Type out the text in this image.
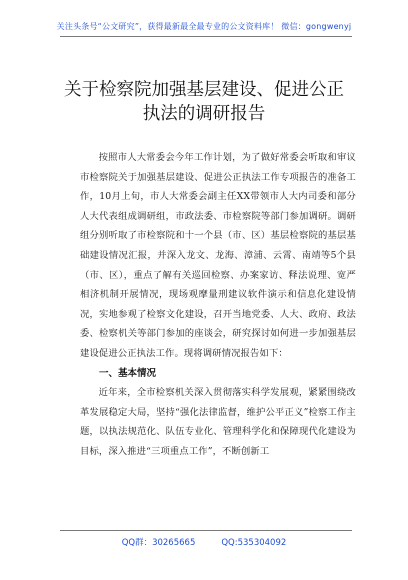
关注头条号“公文研究”，获得最新最全最专业的公文资料库！ 微信：gongwenyj
关于检察院加强基层建设、促进公正执法的调研报告

按照市人大常委会今年工作计划，为了做好常委会听取和审议市检察院关于加强基层建设、促进公正执法工作专项报告的准备工作，10月上旬，市人大常委会副主任XX带领市人大内司委和部分人大代表组成调研组，市政法委、市检察院等部门参加调研。调研组分别听取了市检察院和十一个县（市、区）基层检察院的基层基础建设情况汇报，并深入龙文、龙海、漳浦、云霄、南靖等5个县（市、区），重点了解有关巡回检察、办案家访、释法说理、宽严相济机制开展情况，现场观摩量刑建议软件演示和信息化建设情况，实地参观了检察文化建设，召开当地党委、人大、政府、政法委、检察机关等部门参加的座谈会，研究探讨如何进一步加强基层建设促进公正执法工作。现将调研情况报告如下：

一、基本情况

近年来，全市检察机关深入贯彻落实科学发展观，紧紧围绕改革发展稳定大局，坚持“强化法律监督，维护公平正义”检察工作主题，以执法规范化、队伍专业化、管理科学化和保障现代化建设为目标，深入推进“三项重点工作”，不断创新工

QQ群：30265665	QQ:535304092
